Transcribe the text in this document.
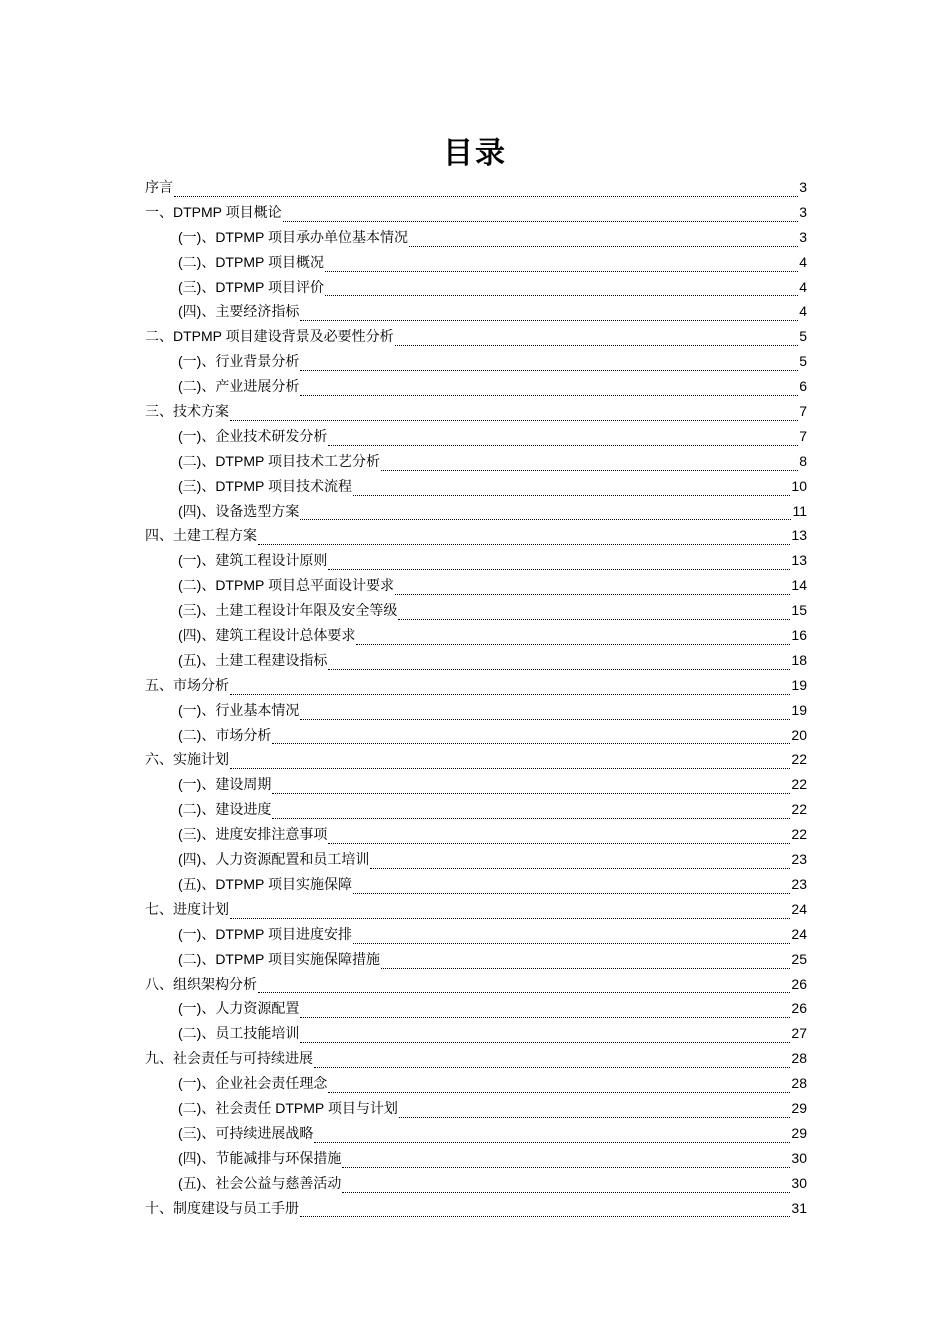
目录
序言	3
一、DTPMP 项目概论	3
(一)、DTPMP 项目承办单位基本情况	3
(二)、DTPMP 项目概况	4
(三)、DTPMP 项目评价	4
(四)、主要经济指标	4
二、DTPMP 项目建设背景及必要性分析	5
(一)、行业背景分析	5
(二)、产业进展分析	6
三、技术方案	7
(一)、企业技术研发分析	7
(二)、DTPMP 项目技术工艺分析	8
(三)、DTPMP 项目技术流程	10
(四)、设备选型方案	11
四、土建工程方案	13
(一)、建筑工程设计原则	13
(二)、DTPMP 项目总平面设计要求	14
(三)、土建工程设计年限及安全等级	15
(四)、建筑工程设计总体要求	16
(五)、土建工程建设指标	18
五、市场分析	19
(一)、行业基本情况	19
(二)、市场分析	20
六、实施计划	22
(一)、建设周期	22
(二)、建设进度	22
(三)、进度安排注意事项	22
(四)、人力资源配置和员工培训	23
(五)、DTPMP 项目实施保障	23
七、进度计划	24
(一)、DTPMP 项目进度安排	24
(二)、DTPMP 项目实施保障措施	25
八、组织架构分析	26
(一)、人力资源配置	26
(二)、员工技能培训	27
九、社会责任与可持续进展	28
(一)、企业社会责任理念	28
(二)、社会责任 DTPMP 项目与计划	29
(三)、可持续进展战略	29
(四)、节能减排与环保措施	30
(五)、社会公益与慈善活动	30
十、制度建设与员工手册	31
